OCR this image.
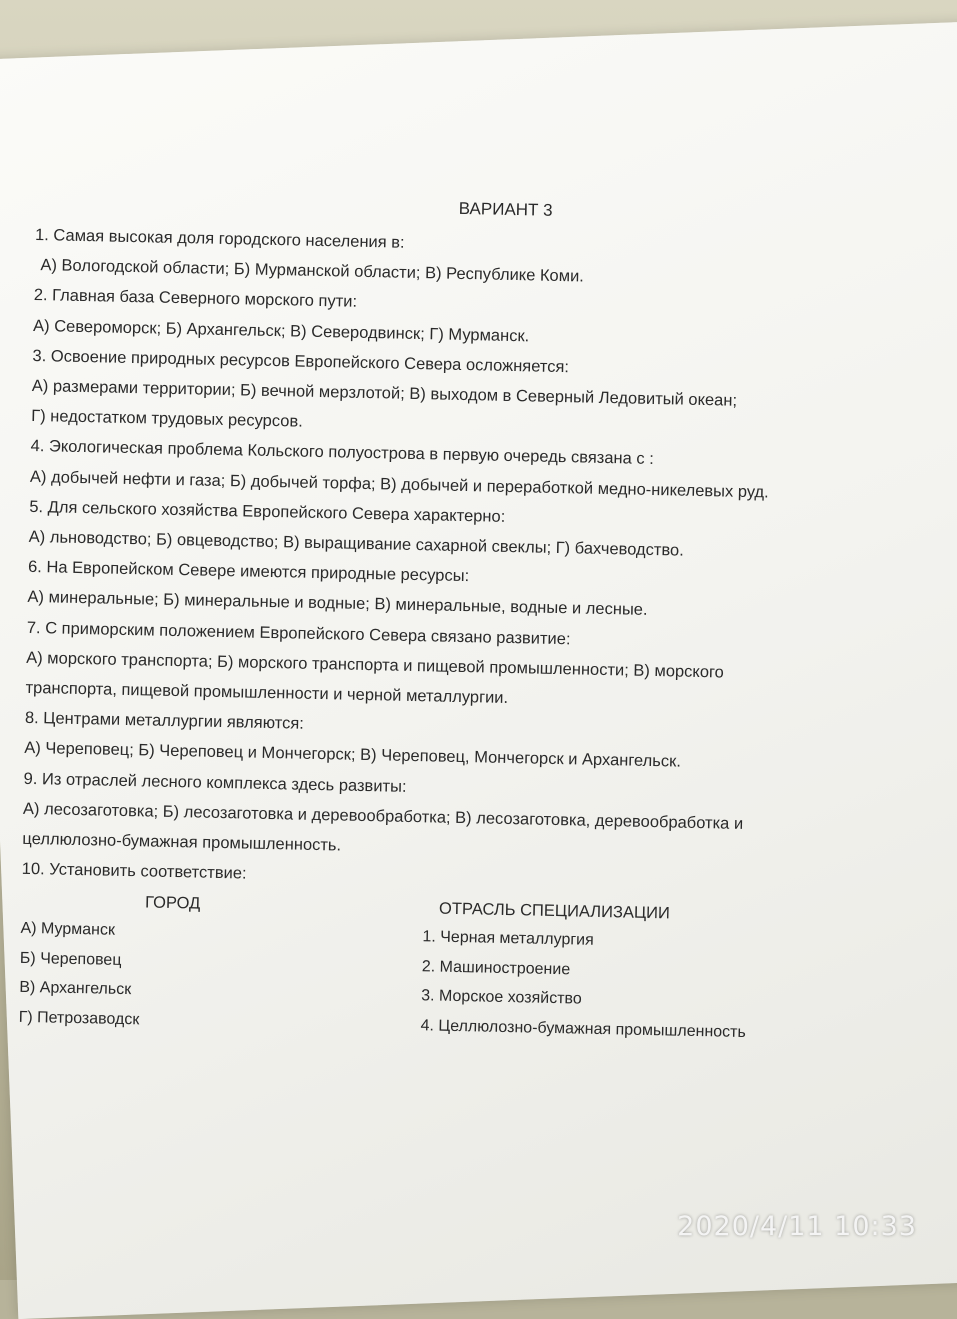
ВАРИАНТ 3
1. Самая высокая доля городского населения в:
А) Вологодской области; Б) Мурманской области; В) Республике Коми.
2. Главная база Северного морского пути:
А) Североморск; Б) Архангельск; В) Северодвинск; Г) Мурманск.
3. Освоение природных ресурсов Европейского Севера осложняется:
А) размерами территории; Б) вечной мерзлотой; В) выходом в Северный Ледовитый океан;
Г) недостатком трудовых ресурсов.
4. Экологическая проблема Кольского полуострова в первую очередь связана с :
А) добычей нефти и газа; Б) добычей торфа; В) добычей и переработкой медно-никелевых руд.
5. Для сельского хозяйства Европейского Севера характерно:
А) льноводство; Б) овцеводство; В) выращивание сахарной свеклы; Г) бахчеводство.
6. На Европейском Севере имеются природные ресурсы:
А) минеральные; Б) минеральные и водные; В) минеральные, водные и лесные.
7. С приморским положением Европейского Севера связано развитие:
А) морского транспорта; Б) морского транспорта и пищевой промышленности; В) морского
транспорта, пищевой промышленности и черной металлургии.
8. Центрами металлургии являются:
А) Череповец; Б) Череповец и Мончегорск; В) Череповец, Мончегорск и Архангельск.
9. Из отраслей лесного комплекса здесь развиты:
А) лесозаготовка; Б) лесозаготовка и деревообработка; В) лесозаготовка, деревообработка и
целлюлозно-бумажная промышленность.
10. Установить соответствие:
ГОРОД
А) Мурманск
Б) Череповец
В) Архангельск
Г) Петрозаводск
ОТРАСЛЬ СПЕЦИАЛИЗАЦИИ
1. Черная металлургия
2. Машиностроение
3. Морское хозяйство
4. Целлюлозно-бумажная промышленность
2020/4/11 10:33
